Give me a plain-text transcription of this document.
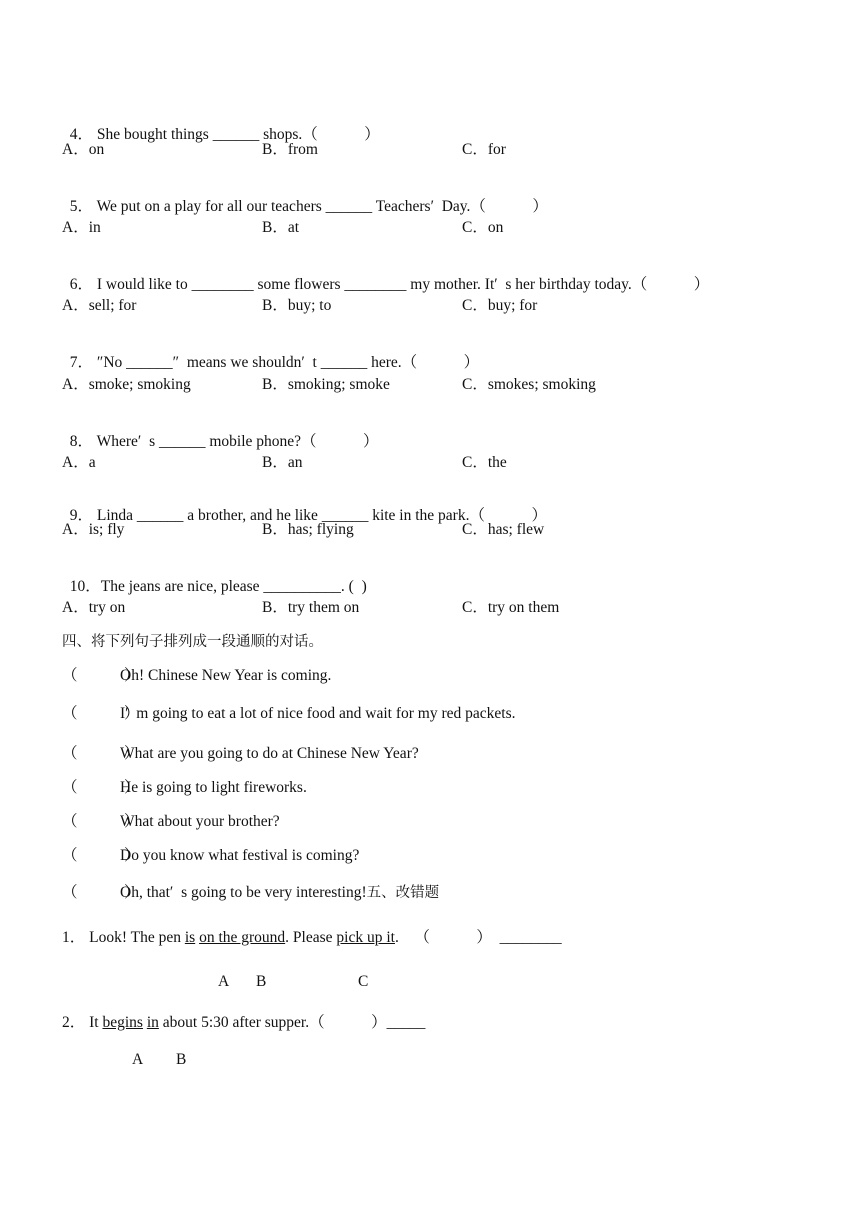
4． She bought things ______ shops.（　　　）

A．on	B．from	C．for

5． We put on a play for all our teachers ______ Teachers′  Day.（　　　）

A．in	B．at	C．on

6． I would like to ________ some flowers ________ my mother. It′  s her birthday today.（　　　）

A．sell; for	B．buy; to	C．buy; for

7． ″No ______″  means we shouldn′  t ______ here.（　　　）

A．smoke; smoking	B．smoking; smoke	C．smokes; smoking

8． Where′  s ______ mobile phone?（　　　）

A．a	B．an	C．the

9． Linda ______ a brother, and he like ______ kite in the park.（　　　）

A．is; fly	B．has; flying	C．has; flew

10．The jeans are nice, please __________. (  )

A．try on	B．try them on	C．try on them
四、将下列句子排列成一段通顺的对话。
（　　　）Oh! Chinese New Year is coming.
（　　　）I′  m going to eat a lot of nice food and wait for my red packets.
（　　　）What are you going to do at Chinese New Year?
（　　　）He is going to light fireworks.
（　　　）What about your brother?
（　　　）Do you know what festival is coming?
（　　　）Oh, that′  s going to be very interesting!五、改错题
1． Look! The pen is on the ground. Please pick up it. （　　　） ________
A B	C
2． It begins in about 5:30 after supper.（　　　）_____
A B
